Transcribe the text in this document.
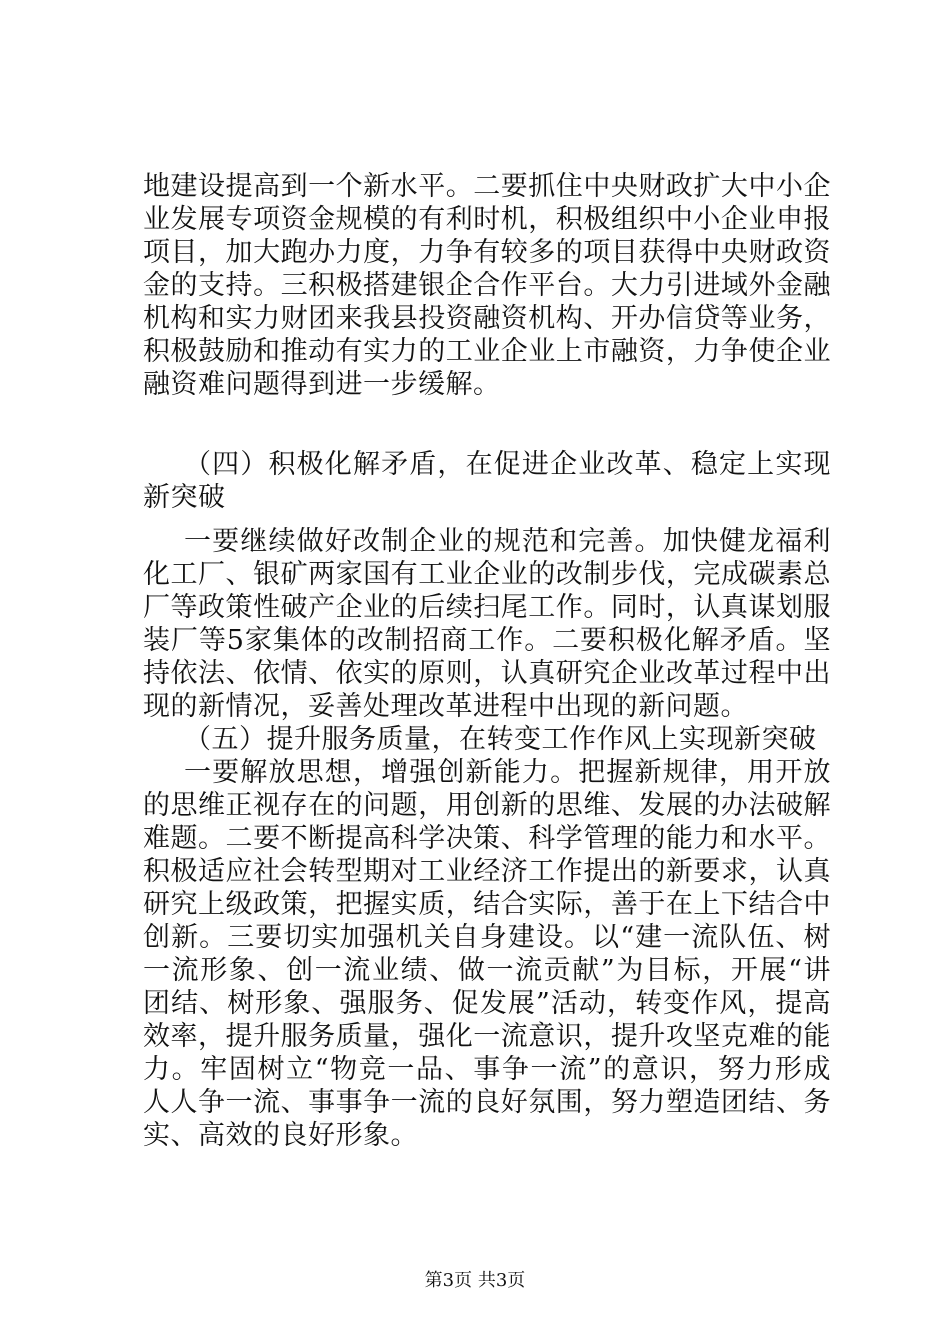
地建设提高到一个新水平。二要抓住中央财政扩大中小企业发展专项资金规模的有利时机，积极组织中小企业申报项目，加大跑办力度，力争有较多的项目获得中央财政资金的支持。三积极搭建银企合作平台。大力引进域外金融机构和实力财团来我县投资融资机构、开办信贷等业务，积极鼓励和推动有实力的工业企业上市融资，力争使企业融资难问题得到进一步缓解。

（四）积极化解矛盾，在促进企业改革、稳定上实现新突破

一要继续做好改制企业的规范和完善。加快健龙福利化工厂、银矿两家国有工业企业的改制步伐，完成碳素总厂等政策性破产企业的后续扫尾工作。同时，认真谋划服装厂等5家集体的改制招商工作。二要积极化解矛盾。坚持依法、依情、依实的原则，认真研究企业改革过程中出现的新情况，妥善处理改革进程中出现的新问题。

（五）提升服务质量，在转变工作作风上实现新突破

一要解放思想，增强创新能力。把握新规律，用开放的思维正视存在的问题，用创新的思维、发展的办法破解难题。二要不断提高科学决策、科学管理的能力和水平。积极适应社会转型期对工业经济工作提出的新要求，认真研究上级政策，把握实质，结合实际，善于在上下结合中创新。三要切实加强机关自身建设。以“建一流队伍、树一流形象、创一流业绩、做一流贡献”为目标，开展“讲团结、树形象、强服务、促发展”活动，转变作风，提高效率，提升服务质量，强化一流意识，提升攻坚克难的能力。牢固树立“物竞一品、事争一流”的意识，努力形成人人争一流、事事争一流的良好氛围，努力塑造团结、务实、高效的良好形象。

第3页 共3页
